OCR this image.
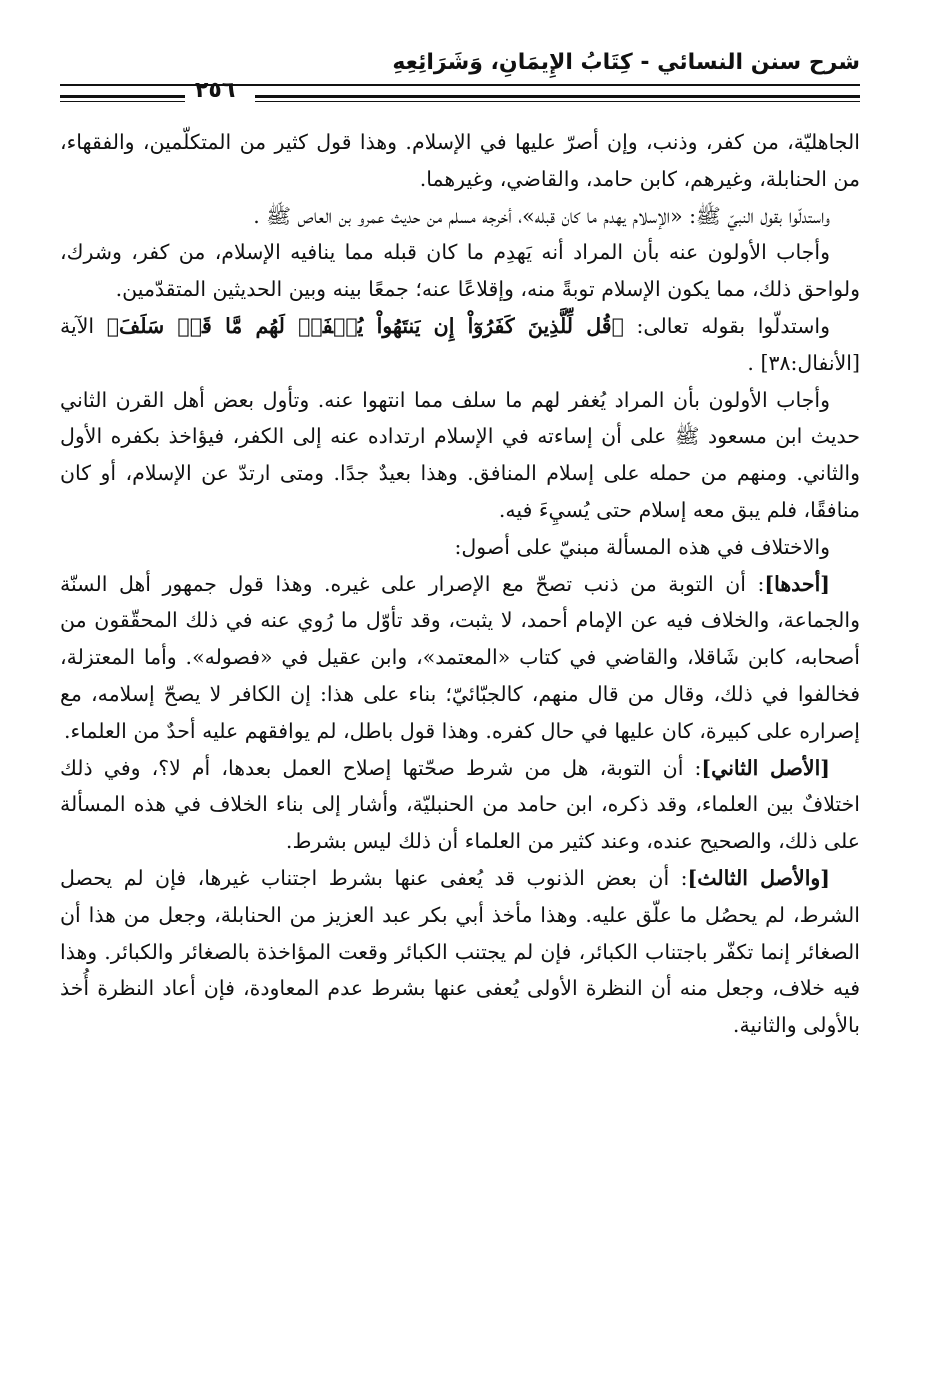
شرح سنن النسائي - كِتَابُ الإِيمَانِ، وَشَرَائِعِهِ
٢٥٦

الجاهليّة، من كفر، وذنب، وإن أصرّ عليها في الإسلام. وهذا قول كثير من المتكلّمين، والفقهاء، من الحنابلة، وغيرهم، كابن حامد، والقاضي، وغيرهما.

واستدلّوا بقول النبيّ ﷺ: «الإسلام يهدم ما كان قبله»، أخرجه مسلم من حديث عمرو بن العاص ﷺ .

وأجاب الأولون عنه بأن المراد أنه يَهدِم ما كان قبله مما ينافيه الإسلام، من كفر، وشرك، ولواحق ذلك، مما يكون الإسلام توبةً منه، وإقلاعًا عنه؛ جمعًا بينه وبين الحديثين المتقدّمين.

واستدلّوا بقوله تعالى: ﴿قُل لِّلَّذِينَ كَفَرُوٓاْ إِن يَنتَهُواْ يُغۡفَرۡ لَهُم مَّا قَدۡ سَلَفَ﴾ الآية [الأنفال:٣٨] .

وأجاب الأولون بأن المراد يُغفر لهم ما سلف مما انتهوا عنه. وتأول بعض أهل القرن الثاني حديث ابن مسعود ﷺ على أن إساءته في الإسلام ارتداده عنه إلى الكفر، فيؤاخذ بكفره الأول والثاني. ومنهم من حمله على إسلام المنافق. وهذا بعيدٌ جدًا. ومتى ارتدّ عن الإسلام، أو كان منافقًا، فلم يبق معه إسلام حتى يُسيِءَ فيه.

والاختلاف في هذه المسألة مبنيّ على أصول:

[أحدها]: أن التوبة من ذنب تصحّ مع الإصرار على غيره. وهذا قول جمهور أهل السنّة والجماعة، والخلاف فيه عن الإمام أحمد، لا يثبت، وقد تأوّل ما رُوي عنه في ذلك المحقّقون من أصحابه، كابن شَاقلا، والقاضي في كتاب «المعتمد»، وابن عقيل في «فصوله». وأما المعتزلة، فخالفوا في ذلك، وقال من قال منهم، كالجبّائيّ؛ بناء على هذا: إن الكافر لا يصحّ إسلامه، مع إصراره على كبيرة، كان عليها في حال كفره. وهذا قول باطل، لم يوافقهم عليه أحدٌ من العلماء.

[الأصل الثاني]: أن التوبة، هل من شرط صحّتها إصلاح العمل بعدها، أم لا؟، وفي ذلك اختلافٌ بين العلماء، وقد ذكره، ابن حامد من الحنبليّة، وأشار إلى بناء الخلاف في هذه المسألة على ذلك، والصحيح عنده، وعند كثير من العلماء أن ذلك ليس بشرط.

[والأصل الثالث]: أن بعض الذنوب قد يُعفى عنها بشرط اجتناب غيرها، فإن لم يحصل الشرط، لم يحصُل ما علّق عليه. وهذا مأخذ أبي بكر عبد العزيز من الحنابلة، وجعل من هذا أن الصغائر إنما تكفّر باجتناب الكبائر، فإن لم يجتنب الكبائر وقعت المؤاخذة بالصغائر والكبائر. وهذا فيه خلاف، وجعل منه أن النظرة الأولى يُعفى عنها بشرط عدم المعاودة، فإن أعاد النظرة أُخذ بالأولى والثانية.
